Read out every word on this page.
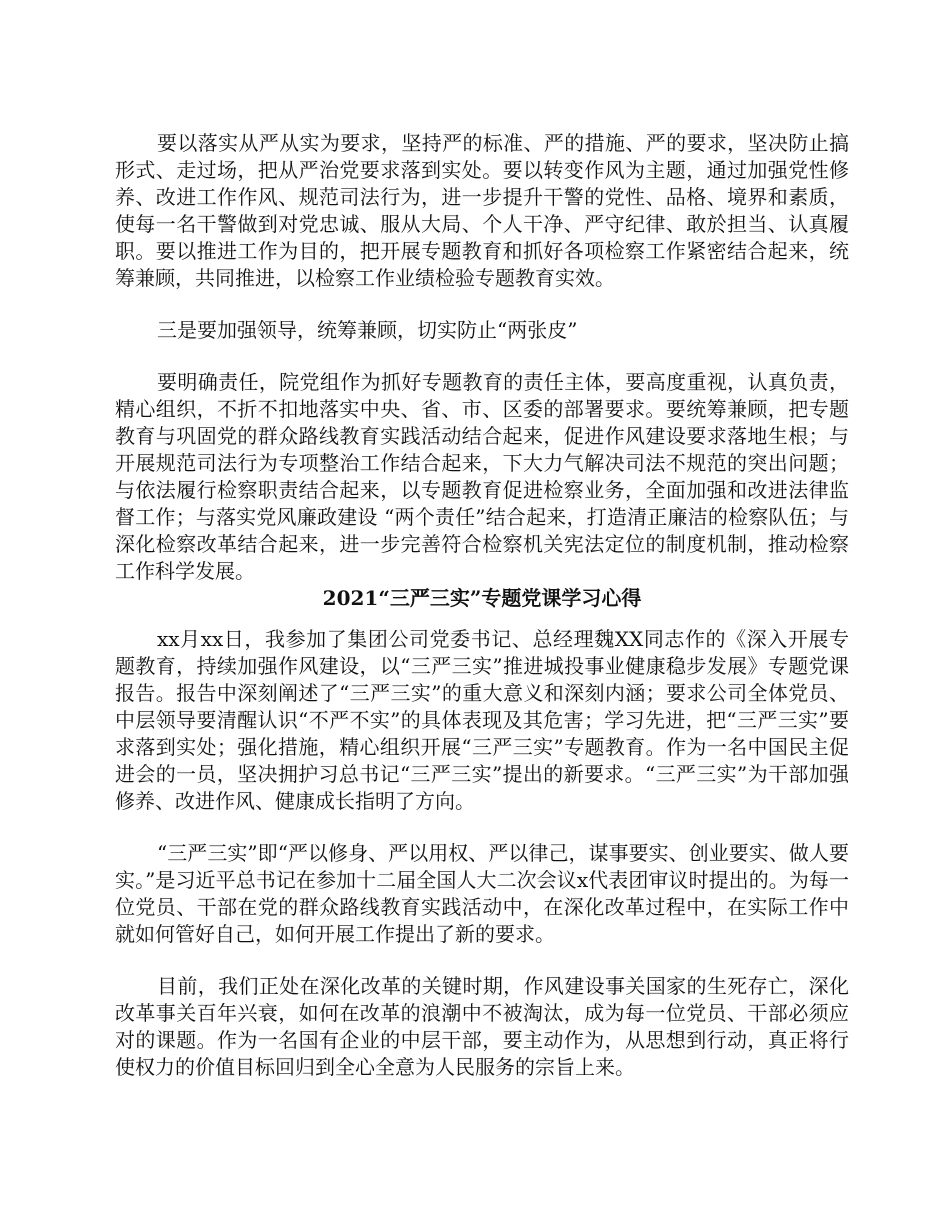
要以落实从严从实为要求，坚持严的标准、严的措施、严的要求，坚决防止搞形式、走过场，把从严治党要求落到实处。要以转变作风为主题，通过加强党性修养、改进工作作风、规范司法行为，进一步提升干警的党性、品格、境界和素质， 使每一名干警做到对党忠诚、服从大局、个人干净、严守纪律、敢於担当、认真履职。要以推进工作为目的，把开展专题教育和抓好各项检察工作紧密结合起来，统筹兼顾，共同推进，以检察工作业绩检验专题教育实效。

三是要加强领导，统筹兼顾，切实防止“两张皮”

要明确责任，院党组作为抓好专题教育的责任主体，要高度重视，认真负责，精心组织，不折不扣地落实中央、省、市、区委的部署要求。要统筹兼顾，把专题教育与巩固党的群众路线教育实践活动结合起来，促进作风建设要求落地生根；与开展规范司法行为专项整治工作结合起来，下大力气解决司法不规范的突出问题；与依法履行检察职责结合起来，以专题教育促进检察业务，全面加强和改进法律监督工作；与落实党风廉政建设 “两个责任”结合起来，打造清正廉洁的检察队伍；与深化检察改革结合起来，进一步完善符合检察机关宪法定位的制度机制，推动检察工作科学发展。

2021“三严三实”专题党课学习心得

xx月xx日，我参加了集团公司党委书记、总经理魏XX同志作的《深入开展专题教育，持续加强作风建设，以“三严三实”推进城投事业健康稳步发展》专题党课报告。报告中深刻阐述了“三严三实”的重大意义和深刻内涵；要求公司全体党员、中层领导要清醒认识“不严不实”的具体表现及其危害；学习先进，把“三严三实”要求落到实处；强化措施，精心组织开展“三严三实”专题教育。作为一名中国民主促进会的一员，坚决拥护习总书记“三严三实”提出的新要求。“三严三实”为干部加强修养、改进作风、健康成长指明了方向。

“三严三实”即“严以修身、严以用权、严以律己，谋事要实、创业要实、做人要实。”是习近平总书记在参加十二届全国人大二次会议x代表团审议时提出的。为每一位党员、干部在党的群众路线教育实践活动中，在深化改革过程中，在实际工作中就如何管好自己，如何开展工作提出了新的要求。

目前，我们正处在深化改革的关键时期，作风建设事关国家的生死存亡，深化改革事关百年兴衰，如何在改革的浪潮中不被淘汰，成为每一位党员、干部必须应对的课题。作为一名国有企业的中层干部，要主动作为，从思想到行动，真正将行使权力的价值目标回归到全心全意为人民服务的宗旨上来。
